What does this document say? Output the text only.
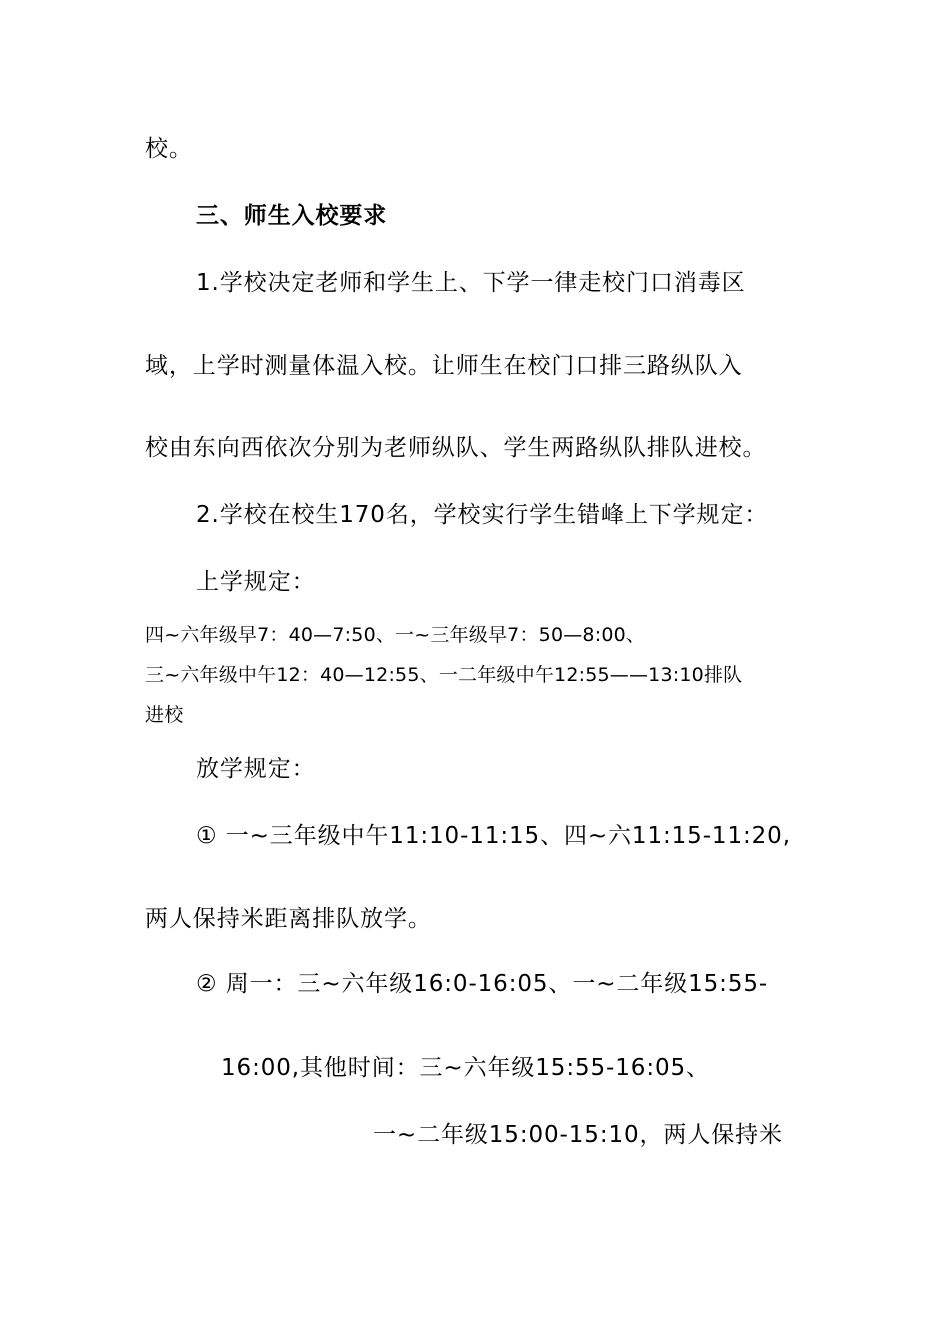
校。
三、师生入校要求
1.学校决定老师和学生上、下学一律走校门口消毒区
域，上学时测量体温入校。让师生在校门口排三路纵队入
校由东向西依次分别为老师纵队、学生两路纵队排队进校。
2.学校在校生170名，学校实行学生错峰上下学规定：
上学规定：
四~六年级早7：40—7:50、一~三年级早7：50—8:00、
三~六年级中午12：40—12:55、一二年级中午12:55——13:10排队
进校
放学规定：
① 一~三年级中午11:10-11:15、四~六11:15-11:20,
两人保持米距离排队放学。
② 周一：三~六年级16:0-16:05、一~二年级15:55-
16:00,其他时间：三~六年级15:55-16:05、
一~二年级15:00-15:10，两人保持米
